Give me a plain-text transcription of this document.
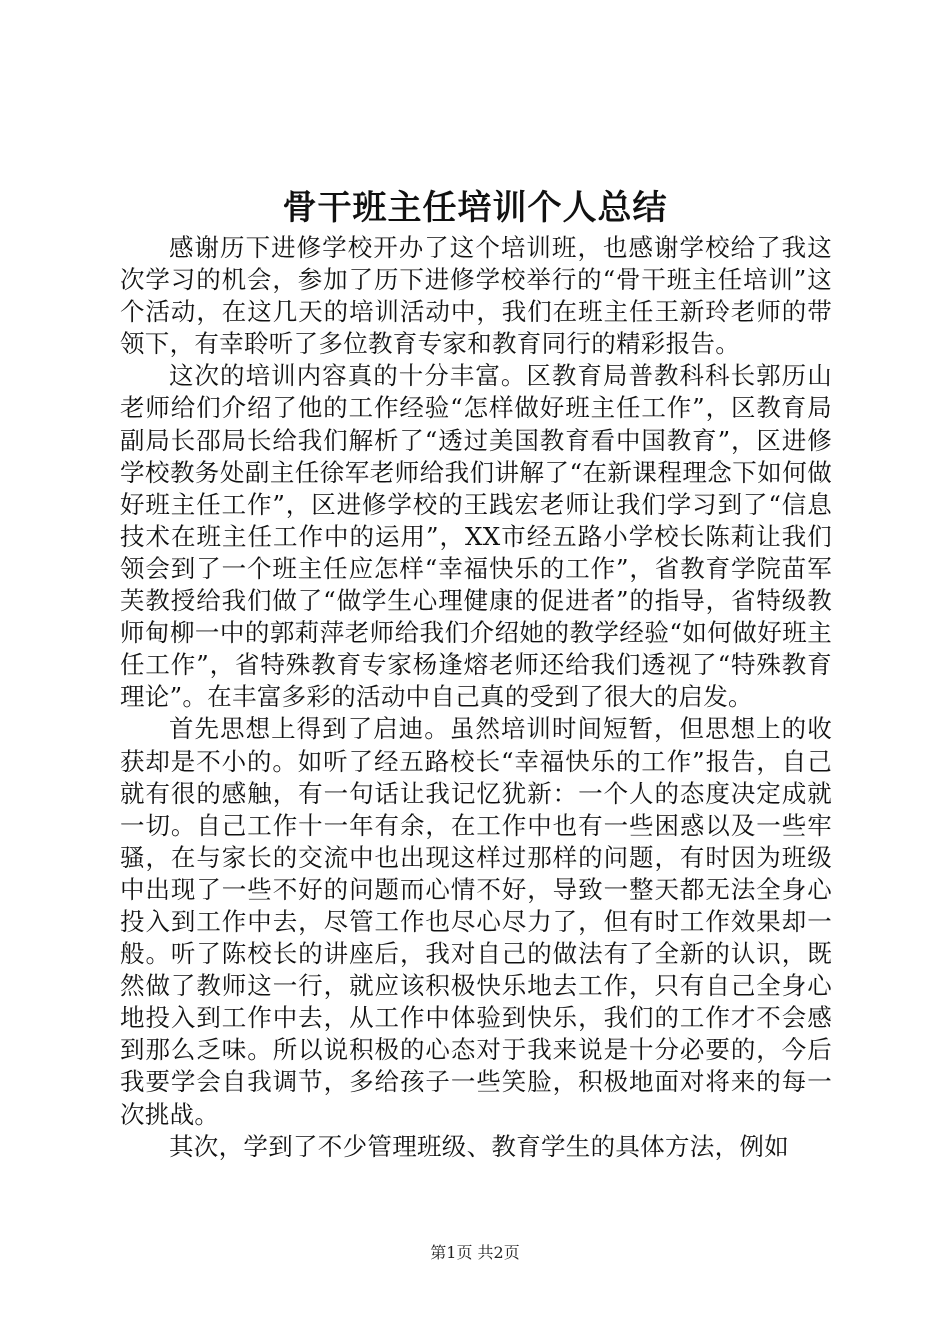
骨干班主任培训个人总结

感谢历下进修学校开办了这个培训班，也感谢学校给了我这次学习的机会，参加了历下进修学校举行的“骨干班主任培训”这个活动，在这几天的培训活动中，我们在班主任王新玲老师的带领下，有幸聆听了多位教育专家和教育同行的精彩报告。

这次的培训内容真的十分丰富。区教育局普教科科长郭历山老师给们介绍了他的工作经验“怎样做好班主任工作”，区教育局副局长邵局长给我们解析了“透过美国教育看中国教育”，区进修学校教务处副主任徐军老师给我们讲解了“在新课程理念下如何做好班主任工作”，区进修学校的王践宏老师让我们学习到了“信息技术在班主任工作中的运用”，XX市经五路小学校长陈莉让我们领会到了一个班主任应怎样“幸福快乐的工作”，省教育学院苗军芙教授给我们做了“做学生心理健康的促进者”的指导，省特级教师甸柳一中的郭莉萍老师给我们介绍她的教学经验“如何做好班主任工作”，省特殊教育专家杨逢熔老师还给我们透视了“特殊教育理论”。在丰富多彩的活动中自己真的受到了很大的启发。

首先思想上得到了启迪。虽然培训时间短暂，但思想上的收获却是不小的。如听了经五路校长“幸福快乐的工作”报告，自己就有很的感触，有一句话让我记忆犹新：一个人的态度决定成就一切。自己工作十一年有余，在工作中也有一些困惑以及一些牢骚，在与家长的交流中也出现这样过那样的问题，有时因为班级中出现了一些不好的问题而心情不好，导致一整天都无法全身心投入到工作中去，尽管工作也尽心尽力了，但有时工作效果却一般。听了陈校长的讲座后，我对自己的做法有了全新的认识，既然做了教师这一行，就应该积极快乐地去工作，只有自己全身心地投入到工作中去，从工作中体验到快乐，我们的工作才不会感到那么乏味。所以说积极的心态对于我来说是十分必要的，今后我要学会自我调节，多给孩子一些笑脸，积极地面对将来的每一次挑战。

其次，学到了不少管理班级、教育学生的具体方法，例如

第1页 共2页
